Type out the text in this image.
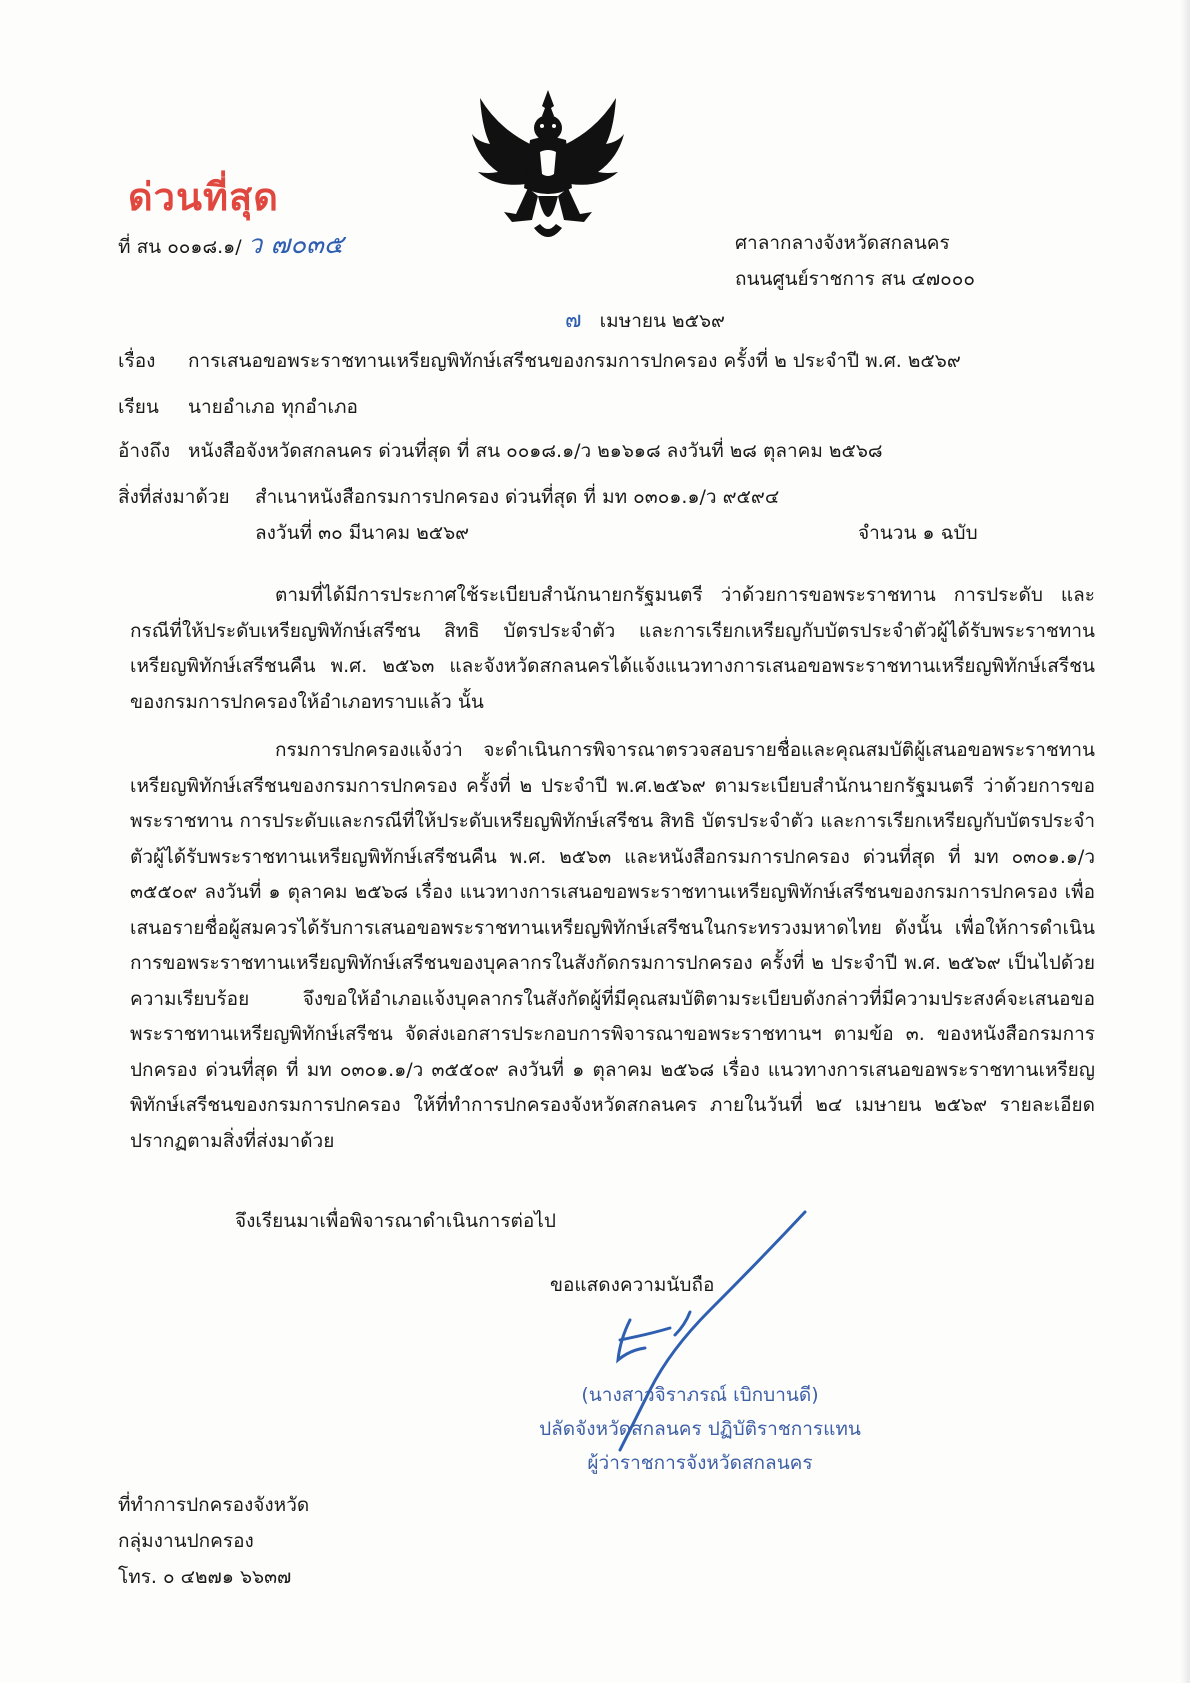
ด่วนที่สุด
ที่ สน ๐๐๑๘.๑/ ว ๗๐๓๕	ศาลากลางจังหวัดสกลนคร
ถนนศูนย์ราชการ สน ๔๗๐๐๐
๗ เมษายน ๒๕๖๙
เรื่อง การเสนอขอพระราชทานเหรียญพิทักษ์เสรีชนของกรมการปกครอง ครั้งที่ ๒ ประจำปี พ.ศ. ๒๕๖๙
เรียน นายอำเภอ ทุกอำเภอ
อ้างถึง หนังสือจังหวัดสกลนคร ด่วนที่สุด ที่ สน ๐๐๑๘.๑/ว ๒๑๖๑๘ ลงวันที่ ๒๘ ตุลาคม ๒๕๖๘
สิ่งที่ส่งมาด้วย สำเนาหนังสือกรมการปกครอง ด่วนที่สุด ที่ มท ๐๓๐๑.๑/ว ๙๕๙๔
ลงวันที่ ๓๐ มีนาคม ๒๕๖๙	จำนวน ๑ ฉบับ

ตามที่ได้มีการประกาศใช้ระเบียบสำนักนายกรัฐมนตรี ว่าด้วยการขอพระราชทาน การประดับ และกรณีที่ให้ประดับเหรียญพิทักษ์เสรีชน สิทธิ บัตรประจำตัว และการเรียกเหรียญกับบัตรประจำตัวผู้ได้รับพระราชทานเหรียญพิทักษ์เสรีชนคืน พ.ศ. ๒๕๖๓ และจังหวัดสกลนครได้แจ้งแนวทางการเสนอขอพระราชทานเหรียญพิทักษ์เสรีชนของกรมการปกครองให้อำเภอทราบแล้ว นั้น

กรมการปกครองแจ้งว่า จะดำเนินการพิจารณาตรวจสอบรายชื่อและคุณสมบัติผู้เสนอขอพระราชทานเหรียญพิทักษ์เสรีชนของกรมการปกครอง ครั้งที่ ๒ ประจำปี พ.ศ.๒๕๖๙ ตามระเบียบสำนักนายกรัฐมนตรี ว่าด้วยการขอพระราชทาน การประดับและกรณีที่ให้ประดับเหรียญพิทักษ์เสรีชน สิทธิ บัตรประจำตัว และการเรียกเหรียญกับบัตรประจำตัวผู้ได้รับพระราชทานเหรียญพิทักษ์เสรีชนคืน พ.ศ. ๒๕๖๓ และหนังสือกรมการปกครอง ด่วนที่สุด ที่ มท ๐๓๐๑.๑/ว ๓๕๕๐๙ ลงวันที่ ๑ ตุลาคม ๒๕๖๘ เรื่อง แนวทางการเสนอขอพระราชทานเหรียญพิทักษ์เสรีชนของกรมการปกครอง เพื่อเสนอรายชื่อผู้สมควรได้รับการเสนอขอพระราชทานเหรียญพิทักษ์เสรีชนในกระทรวงมหาดไทย ดังนั้น เพื่อให้การดำเนินการขอพระราชทานเหรียญพิทักษ์เสรีชนของบุคลากรในสังกัดกรมการปกครอง ครั้งที่ ๒ ประจำปี พ.ศ. ๒๕๖๙ เป็นไปด้วยความเรียบร้อย จึงขอให้อำเภอแจ้งบุคลากรในสังกัดผู้ที่มีคุณสมบัติตามระเบียบดังกล่าวที่มีความประสงค์จะเสนอขอพระราชทานเหรียญพิทักษ์เสรีชน จัดส่งเอกสารประกอบการพิจารณาขอพระราชทานฯ ตามข้อ ๓. ของหนังสือกรมการปกครอง ด่วนที่สุด ที่ มท ๐๓๐๑.๑/ว ๓๕๕๐๙ ลงวันที่ ๑ ตุลาคม ๒๕๖๘ เรื่อง แนวทางการเสนอขอพระราชทานเหรียญพิทักษ์เสรีชนของกรมการปกครอง ให้ที่ทำการปกครองจังหวัดสกลนคร ภายในวันที่ ๒๔ เมษายน ๒๕๖๙ รายละเอียดปรากฏตามสิ่งที่ส่งมาด้วย

จึงเรียนมาเพื่อพิจารณาดำเนินการต่อไป
ขอแสดงความนับถือ
(นางสาวจิราภรณ์ เบิกบานดี)
ปลัดจังหวัดสกลนคร ปฏิบัติราชการแทน
ผู้ว่าราชการจังหวัดสกลนคร
ที่ทำการปกครองจังหวัด
กลุ่มงานปกครอง
โทร. ๐ ๔๒๗๑ ๖๖๓๗
